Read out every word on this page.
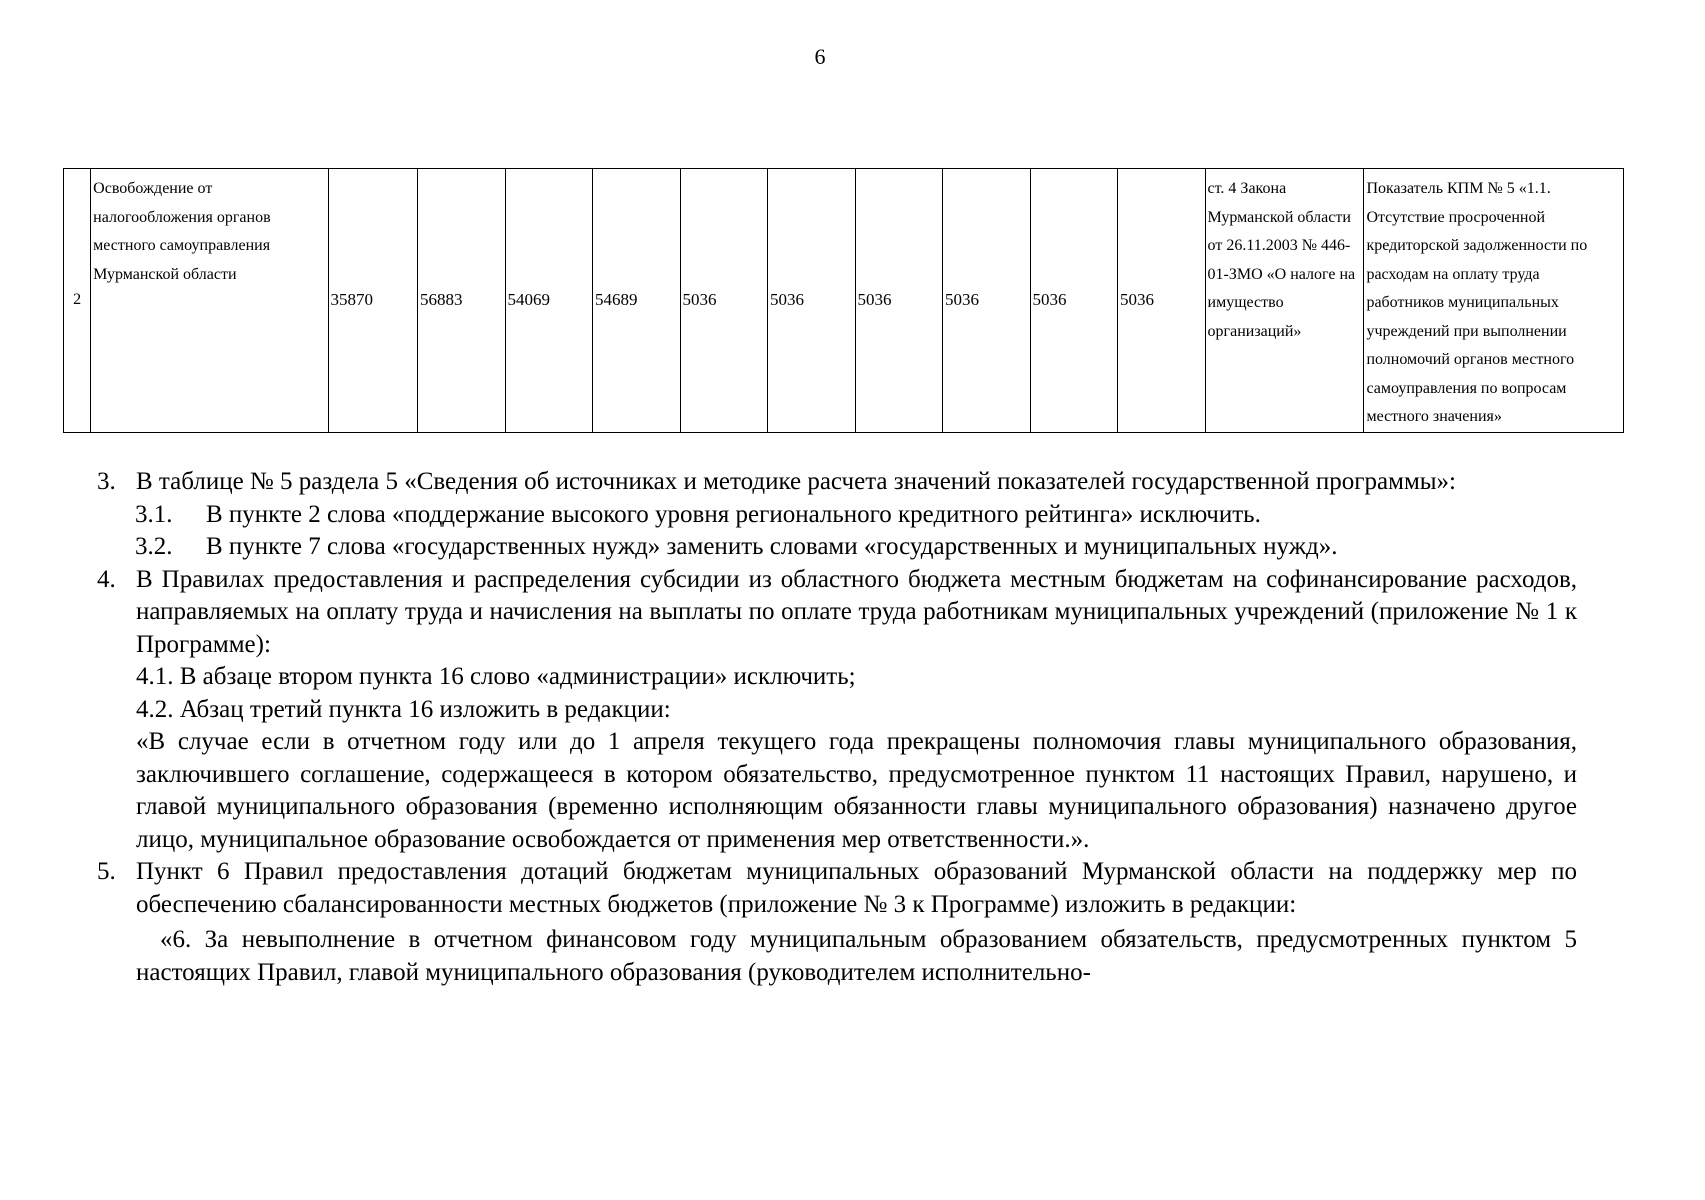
6
2	Освобождение от налогообложения органов местного самоуправления Мурманской области	35870	56883	54069	54689	5036	5036	5036	5036	5036	5036	ст. 4 Закона Мурманской области от 26.11.2003 № 446-01-ЗМО «О налоге на имущество организаций»	Показатель КПМ № 5 «1.1. Отсутствие просроченной кредиторской задолженности по расходам на оплату труда работников муниципальных учреждений при выполнении полномочий органов местного самоуправления по вопросам местного значения»
3. В таблице № 5 раздела 5 «Сведения об источниках и методике расчета значений показателей государственной программы»:
3.1. В пункте 2 слова «поддержание высокого уровня регионального кредитного рейтинга» исключить.
3.2. В пункте 7 слова «государственных нужд» заменить словами «государственных и муниципальных нужд».
4. В Правилах предоставления и распределения субсидии из областного бюджета местным бюджетам на софинансирование расходов, направляемых на оплату труда и начисления на выплаты по оплате труда работникам муниципальных учреждений (приложение № 1 к Программе):
4.1. В абзаце втором пункта 16 слово «администрации» исключить;
4.2. Абзац третий пункта 16 изложить в редакции:
«В случае если в отчетном году или до 1 апреля текущего года прекращены полномочия главы муниципального образования, заключившего соглашение, содержащееся в котором обязательство, предусмотренное пунктом 11 настоящих Правил, нарушено, и главой муниципального образования (временно исполняющим обязанности главы муниципального образования) назначено другое лицо, муниципальное образование освобождается от применения мер ответственности.».
5. Пункт 6 Правил предоставления дотаций бюджетам муниципальных образований Мурманской области на поддержку мер по обеспечению сбалансированности местных бюджетов (приложение № 3 к Программе) изложить в редакции:
«6. За невыполнение в отчетном финансовом году муниципальным образованием обязательств, предусмотренных пунктом 5 настоящих Правил, главой муниципального образования (руководителем исполнительно-
